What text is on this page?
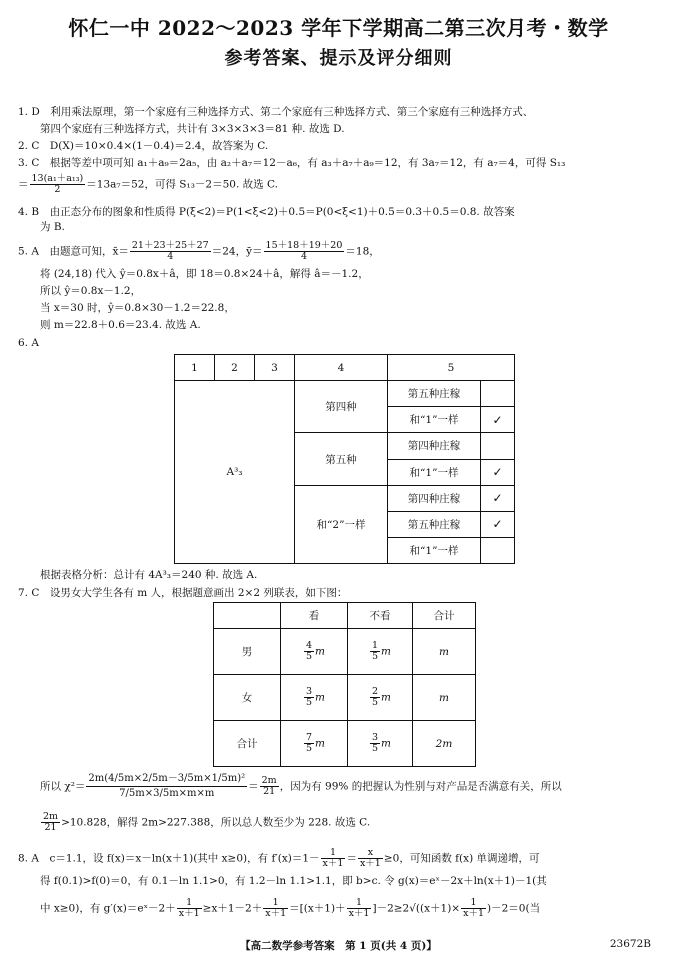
怀仁一中 2022～2023 学年下学期高二第三次月考・数学
参考答案、提示及评分细则
1. D　利用乘法原理，第一个家庭有三种选择方式、第二个家庭有三种选择方式、第三个家庭有三种选择方式、
第四个家庭有三种选择方式，共计有 3×3×3×3＝81 种. 故选 D.
2. C　D(X)＝10×0.4×(1－0.4)＝2.4，故答案为 C.
3. C　根据等差中项可知 a₁＋a₉＝2a₅，由 a₂＋a₇＝12－a₆，有 a₃＋a₇＋a₉＝12，有 3a₇＝12，有 a₇＝4，可得 S₁₃
＝ $\frac{\text{13(a₁＋a₁₃)}}{2} =13a_7=52$，可得 S₁₃－2＝50. 故选 C.
4. B　由正态分布的图象和性质得 P(ξ<2)＝P(1<ξ<2)＋0.5＝P(0<ξ<1)＋0.5＝0.3＋0.5＝0.8. 故答案
为 B.
5. A　由题意可知，x̄＝ $\frac{21+23+25+27}{4} =24$，ȳ＝ $\frac{15+18+19+20}{4} =18$，
将 (24,18) 代入 ŷ＝0.8x＋â，即 18＝0.8×24＋â，解得 â＝－1.2，
所以 ŷ＝0.8x－1.2，
当 x＝30 时，ŷ＝0.8×30－1.2＝22.8，
则 m＝22.8＋0.6＝23.4. 故选 A.
6. A
1	2	3	4	5	
A³₃			第四种	第五种庄稼	
				和“1”一样	✓
			第五种	第四种庄稼	
				和“1”一样	✓
			和“2”一样	第四种庄稼	✓
				第五种庄稼	✓
				和“1”一样	
根据表格分析：总计有 4A³₃＝240 种. 故选 A.
7. C　设男女大学生各有 m 人，根据题意画出 2×2 列联表，如下图：
	看	不看	合计
男	$\frac{4}{5}$ m	$\frac{1}{5}$ m	m
女	$\frac{3}{5}$ m	$\frac{2}{5}$ m	m
合计	$\frac{7}{5}$ m	$\frac{3}{5}$ m	2m
所以 $\chi^2= \frac{\text{2m(4/5m×2/5m－3/5m×1/5m)²}}{7/5m\times 3/5m\times m\times m} = \frac{2m}{21}$ ，因为有 99% 的把握认为性别与对产品是否满意有关，所以
$\frac{2m}{21} >10.828$，解得 2m>227.388，所以总人数至少为 228. 故选 C.
8. A　c＝1.1，设 f(x)＝x－ln(x＋1)(其中 x≥0)，有 $f'(x)=1- \frac{1}{x+1} = \frac{x}{x+1} \ge 0$，可知函数 f(x) 单调递增，可
得 f(0.1)>f(0)＝0，有 0.1－ln 1.1>0，有 1.2－ln 1.1>1.1，即 b>c. 令 g(x)＝eˣ－2x＋ln(x＋1)－1(其
中 x≥0)，有 g′(x)＝eˣ－2＋ $\frac{1}{x+1} \ge x+1-2+ \frac{1}{x+1} =[(x+1)+ \frac{1}{x+1} ]-2\ge 2√((x+1)\times \frac{1}{x+1} )-2=0$(当
【高二数学参考答案　第 1 页(共 4 页)】	23672B
